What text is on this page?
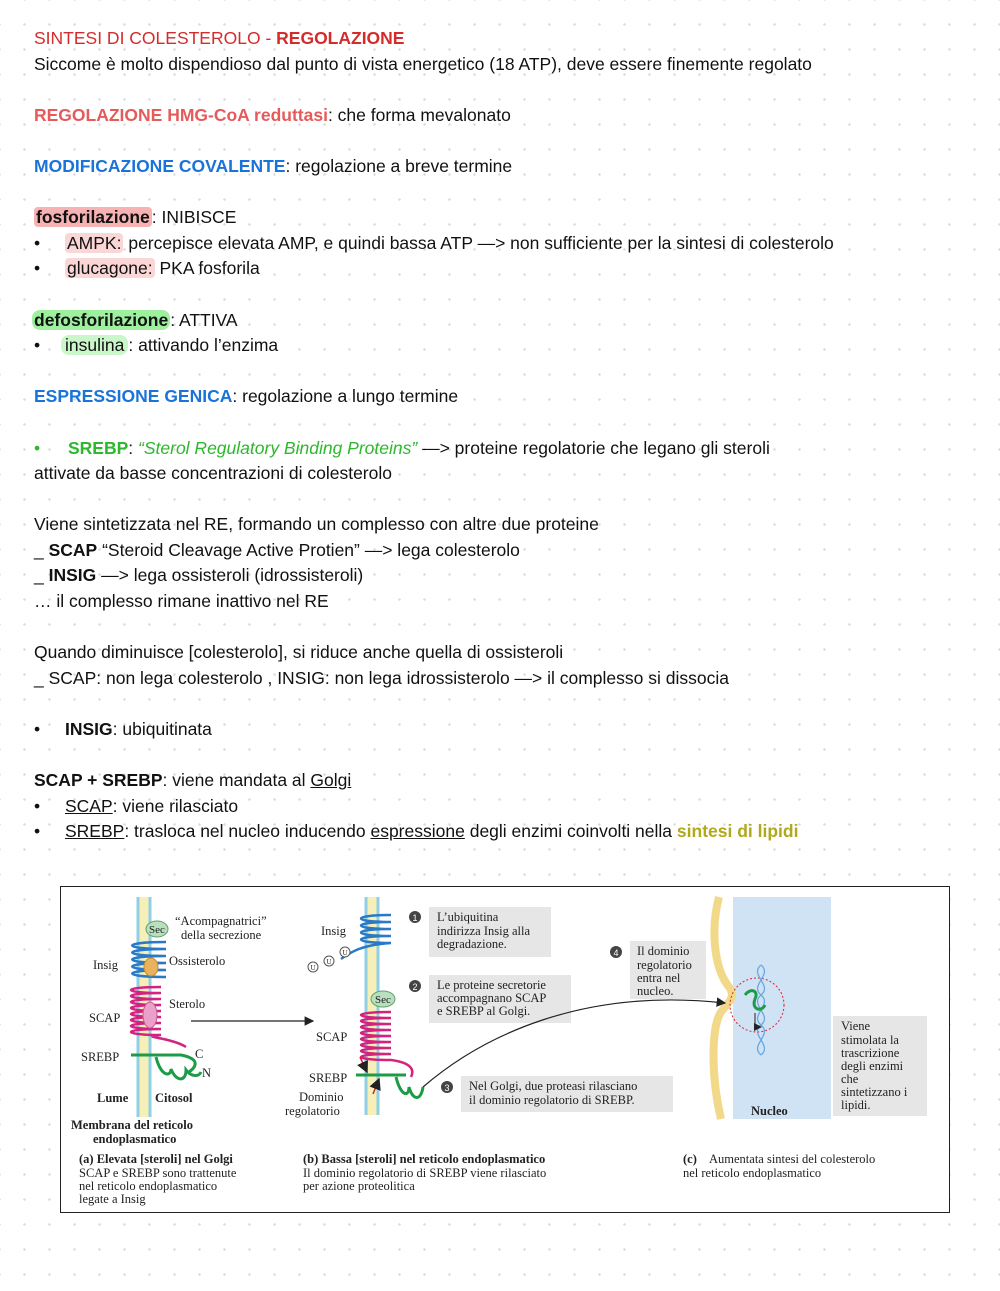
SINTESI DI COLESTEROLO - REGOLAZIONE
Siccome è molto dispendioso dal punto di vista energetico (18 ATP), deve essere finemente regolato
REGOLAZIONE HMG-CoA reduttasi: che forma mevalonato
MODIFICAZIONE COVALENTE: regolazione a breve termine
fosforilazione : INIBISCE
• AMPK: percepisce elevata AMP, e quindi bassa ATP —> non sufficiente per la sintesi di colesterolo
• glucagone: PKA fosforila
defosforilazione : ATTIVA
• insulina : attivando l’enzima
ESPRESSIONE GENICA: regolazione a lungo termine
• SREBP: “Sterol Regulatory Binding Proteins” —> proteine regolatorie che legano gli steroli
attivate da basse concentrazioni di colesterolo
Viene sintetizzata nel RE, formando un complesso con altre due proteine
_ SCAP “Steroid Cleavage Active Protien” —> lega colesterolo
_ INSIG —> lega ossisteroli (idrossisteroli)
… il complesso rimane inattivo nel RE
Quando diminuisce [colesterolo], si riduce anche quella di ossisteroli
_ SCAP: non lega colesterolo , INSIG: non lega idrossisterolo —> il complesso si dissocia
• INSIG: ubiquitinata
SCAP + SREBP: viene mandata al Golgi
• SCAP: viene rilasciato
• SREBP: trasloca nel nucleo inducendo espressione degli enzimi coinvolti nella sintesi di lipidi
Sec
“Acompagnatrici”
della secrezione
Insig	Ossisterolo
Sterolo
SCAP
SREBP	C
N
Lume Citosol
Membrana del reticolo
endoplasmatico
U
U
U
Insig
Sec
SCAP
SREBP
Dominio
regolatorio
1 L’ubiquitina
indirizza Insig alla
degradazione.
2 Le proteine secretorie
accompagnano SCAP
e SREBP al Golgi.
3 Nel Golgi, due proteasi rilasciano
il dominio regolatorio di SREBP.
4 Il dominio
regolatorio
entra nel
nucleo.
Viene
stimolata la
trascrizione
degli enzimi
che
sintetizzano i
lipidi.
Nucleo
(a) Elevata [steroli] nel Golgi
SCAP e SREBP sono trattenute
nel reticolo endoplasmatico
legate a Insig
(b) Bassa [steroli] nel reticolo endoplasmatico
Il dominio regolatorio di SREBP viene rilasciato
per azione proteolitica
(c) Aumentata sintesi del colesterolo
nel reticolo endoplasmatico
